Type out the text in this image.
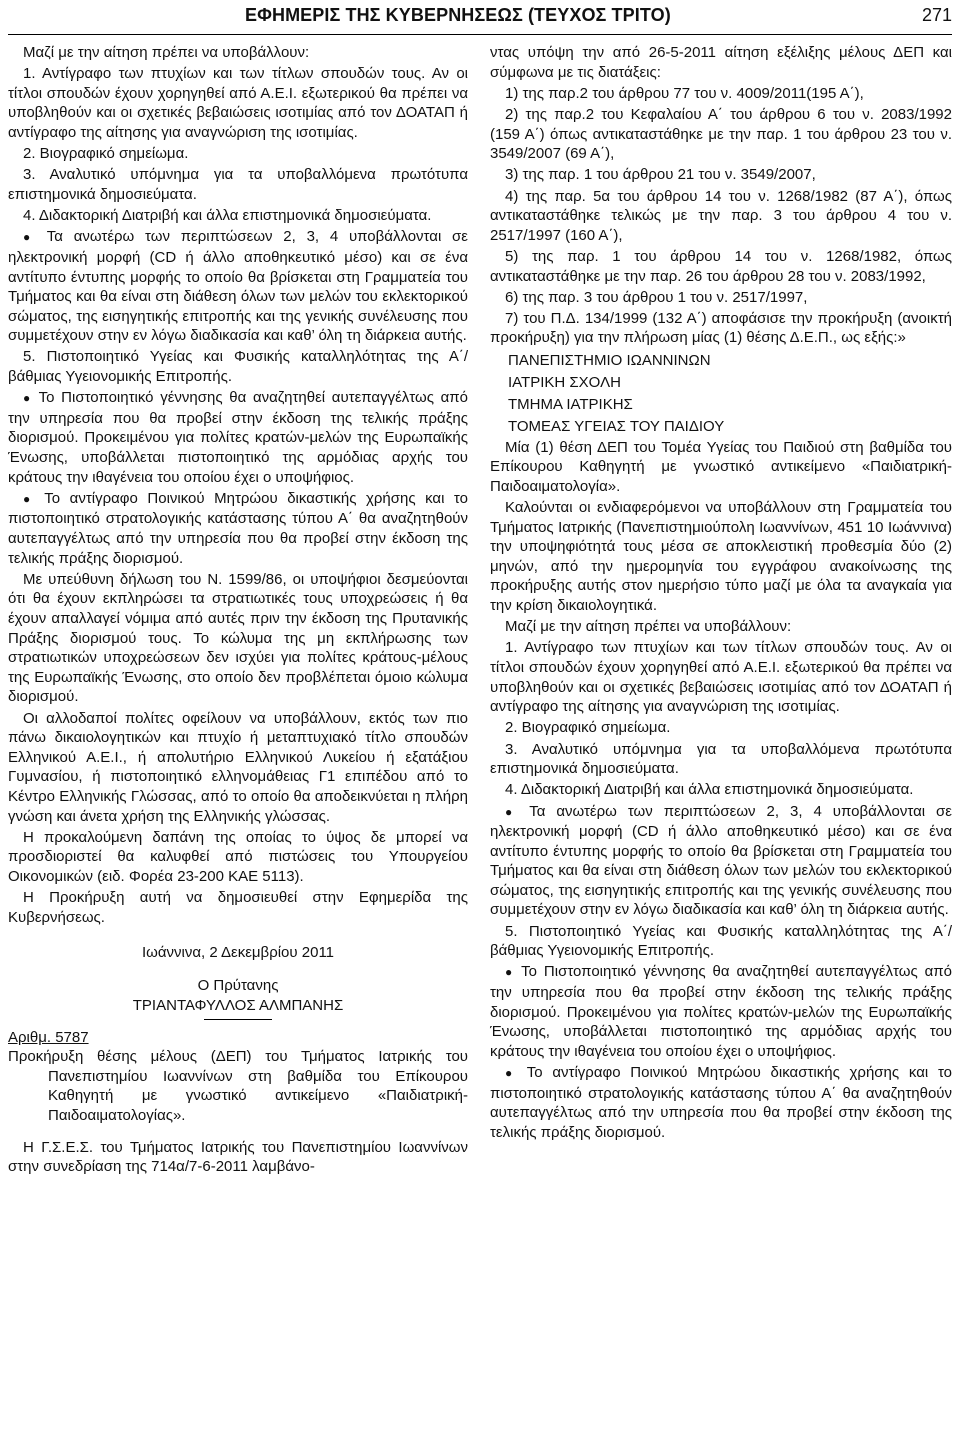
ΕΦΗΜΕΡΙΣ ΤΗΣ ΚΥΒΕΡΝΗΣΕΩΣ (ΤΕΥΧΟΣ ΤΡΙΤΟ)	271

Μαζί με την αίτηση πρέπει να υποβάλλουν:

1. Αντίγραφο των πτυχίων και των τίτλων σπουδών τους. Αν οι τίτλοι σπουδών έχουν χορηγηθεί από Α.Ε.Ι. εξωτερικού θα πρέπει να υποβληθούν και οι σχετικές βεβαιώσεις ισοτιμίας από τον ΔΟΑΤΑΠ ή αντίγραφο της αίτησης για αναγνώριση της ισοτιμίας.

2. Βιογραφικό σημείωμα.

3. Αναλυτικό υπόμνημα για τα υποβαλλόμενα πρωτότυπα επιστημονικά δημοσιεύματα.

4. Διδακτορική Διατριβή και άλλα επιστημονικά δημοσιεύματα.

● Τα ανωτέρω των περιπτώσεων 2, 3, 4 υποβάλλονται σε ηλεκτρονική μορφή (CD ή άλλο αποθηκευτικό μέσο) και σε ένα αντίτυπο έντυπης μορφής το οποίο θα βρίσκεται στη Γραμματεία του Τμήματος και θα είναι στη διάθεση όλων των μελών του εκλεκτορικού σώματος, της εισηγητικής επιτροπής και της γενικής συνέλευσης που συμμετέχουν στην εν λόγω διαδικασία και καθ’ όλη τη διάρκεια αυτής.

5. Πιστοποιητικό Υγείας και Φυσικής καταλληλότητας της Α΄/βάθμιας Υγειονομικής Επιτροπής.

● Το Πιστοποιητικό γέννησης θα αναζητηθεί αυτεπαγγέλτως από την υπηρεσία που θα προβεί στην έκδοση της τελικής πράξης διορισμού. Προκειμένου για πολίτες κρατών-μελών της Ευρωπαϊκής Ένωσης, υποβάλλεται πιστοποιητικό της αρμόδιας αρχής του κράτους την ιθαγένεια του οποίου έχει ο υποψήφιος.

● Το αντίγραφο Ποινικού Μητρώου δικαστικής χρήσης και το πιστοποιητικό στρατολογικής κατάστασης τύπου Α΄ θα αναζητηθούν αυτεπαγγέλτως από την υπηρεσία που θα προβεί στην έκδοση της τελικής πράξης διορισμού.

Με υπεύθυνη δήλωση του Ν. 1599/86, οι υποψήφιοι δεσμεύονται ότι θα έχουν εκπληρώσει τα στρατιωτικές τους υποχρεώσεις ή θα έχουν απαλλαγεί νόμιμα από αυτές πριν την έκδοση της Πρυτανικής Πράξης διορισμού τους. Το κώλυμα της μη εκπλήρωσης των στρατιωτικών υποχρεώσεων δεν ισχύει για πολίτες κράτους-μέλους της Ευρωπαϊκής Ένωσης, στο οποίο δεν προβλέπεται όμοιο κώλυμα διορισμού.

Οι αλλοδαποί πολίτες οφείλουν να υποβάλλουν, εκτός των πιο πάνω δικαιολογητικών και πτυχίο ή μεταπτυχιακό τίτλο σπουδών Ελληνικού Α.Ε.Ι., ή απολυτήριο Ελληνικού Λυκείου ή εξατάξιου Γυμνασίου, ή πιστοποιητικό ελληνομάθειας Γ1 επιπέδου από το Κέντρο Ελληνικής Γλώσσας, από το οποίο θα αποδεικνύεται η πλήρη γνώση και άνετα χρήση της Ελληνικής γλώσσας.

Η προκαλούμενη δαπάνη της οποίας το ύψος δε μπορεί να προσδιοριστεί θα καλυφθεί από πιστώσεις του Υπουργείου Οικονομικών (ειδ. Φορέα 23-200 ΚΑΕ 5113).

Η Προκήρυξη αυτή να δημοσιευθεί στην Εφημερίδα της Κυβερνήσεως.

Ιωάννινα, 2 Δεκεμβρίου 2011

Ο Πρύτανης

ΤΡΙΑΝΤΑΦΥΛΛΟΣ ΑΛΜΠΑΝΗΣ

Αριθμ. 5787

Προκήρυξη θέσης μέλους (ΔΕΠ) του Τμήματος Ιατρικής του Πανεπιστημίου Ιωαννίνων στη βαθμίδα του Επίκουρου Καθηγητή με γνωστικό αντικείμενο «Παιδιατρική-Παιδοαιματολογίας».

Η Γ.Σ.Ε.Σ. του Τμήματος Ιατρικής του Πανεπιστημίου Ιωαννίνων στην συνεδρίαση της 714α/7-6-2011 λαμβάνο-

ντας υπόψη την από 26-5-2011 αίτηση εξέλιξης μέλους ΔΕΠ και σύμφωνα με τις διατάξεις:

1) της παρ.2 του άρθρου 77 του ν. 4009/2011(195 Α΄),

2) της παρ.2 του Κεφαλαίου Α΄ του άρθρου 6 του ν. 2083/1992 (159 Α΄) όπως αντικαταστάθηκε με την παρ. 1 του άρθρου 23 του ν. 3549/2007 (69 Α΄),

3) της παρ. 1 του άρθρου 21 του ν. 3549/2007,

4) της παρ. 5α του άρθρου 14 του ν. 1268/1982 (87 Α΄), όπως αντικαταστάθηκε τελικώς με την παρ. 3 του άρθρου 4 του ν. 2517/1997 (160 Α΄),

5) της παρ. 1 του άρθρου 14 του ν. 1268/1982, όπως αντικαταστάθηκε με την παρ. 26 του άρθρου 28 του ν. 2083/1992,

6) της παρ. 3 του άρθρου 1 του ν. 2517/1997,

7) του Π.Δ. 134/1999 (132 Α΄) αποφάσισε την προκήρυξη (ανοικτή προκήρυξη) για την πλήρωση μίας (1) θέσης Δ.Ε.Π., ως εξής:»

ΠΑΝΕΠΙΣΤΗΜΙΟ ΙΩΑΝΝΙΝΩΝ

ΙΑΤΡΙΚΗ ΣΧΟΛΗ

ΤΜΗΜΑ ΙΑΤΡΙΚΗΣ

ΤΟΜΕΑΣ ΥΓΕΙΑΣ ΤΟΥ ΠΑΙΔΙΟΥ

Μία (1) θέση ΔΕΠ του Τομέα Υγείας του Παιδιού στη βαθμίδα του Επίκουρου Καθηγητή με γνωστικό αντικείμενο «Παιδιατρική-Παιδοαιματολογία».

Καλούνται οι ενδιαφερόμενοι να υποβάλλουν στη Γραμματεία του Τμήματος Ιατρικής (Πανεπιστημιούπολη Ιωαννίνων, 451 10 Ιωάννινα) την υποψηφιότητά τους μέσα σε αποκλειστική προθεσμία δύο (2) μηνών, από την ημερομηνία του εγγράφου ανακοίνωσης της προκήρυξης αυτής στον ημερήσιο τύπο μαζί με όλα τα αναγκαία για την κρίση δικαιολογητικά.

Μαζί με την αίτηση πρέπει να υποβάλλουν:

1. Αντίγραφο των πτυχίων και των τίτλων σπουδών τους. Αν οι τίτλοι σπουδών έχουν χορηγηθεί από Α.Ε.Ι. εξωτερικού θα πρέπει να υποβληθούν και οι σχετικές βεβαιώσεις ισοτιμίας από τον ΔΟΑΤΑΠ ή αντίγραφο της αίτησης για αναγνώριση της ισοτιμίας.

2. Βιογραφικό σημείωμα.

3. Αναλυτικό υπόμνημα για τα υποβαλλόμενα πρωτότυπα επιστημονικά δημοσιεύματα.

4. Διδακτορική Διατριβή και άλλα επιστημονικά δημοσιεύματα.

● Τα ανωτέρω των περιπτώσεων 2, 3, 4 υποβάλλονται σε ηλεκτρονική μορφή (CD ή άλλο αποθηκευτικό μέσο) και σε ένα αντίτυπο έντυπης μορφής το οποίο θα βρίσκεται στη Γραμματεία του Τμήματος και θα είναι στη διάθεση όλων των μελών του εκλεκτορικού σώματος, της εισηγητικής επιτροπής και της γενικής συνέλευσης που συμμετέχουν στην εν λόγω διαδικασία και καθ’ όλη τη διάρκεια αυτής.

5. Πιστοποιητικό Υγείας και Φυσικής καταλληλότητας της Α΄/βάθμιας Υγειονομικής Επιτροπής.

● Το Πιστοποιητικό γέννησης θα αναζητηθεί αυτεπαγγέλτως από την υπηρεσία που θα προβεί στην έκδοση της τελικής πράξης διορισμού. Προκειμένου για πολίτες κρατών-μελών της Ευρωπαϊκής Ένωσης, υποβάλλεται πιστοποιητικό της αρμόδιας αρχής του κράτους την ιθαγένεια του οποίου έχει ο υποψήφιος.

● Το αντίγραφο Ποινικού Μητρώου δικαστικής χρήσης και το πιστοποιητικό στρατολογικής κατάστασης τύπου Α΄ θα αναζητηθούν αυτεπαγγέλτως από την υπηρεσία που θα προβεί στην έκδοση της τελικής πράξης διορισμού.
